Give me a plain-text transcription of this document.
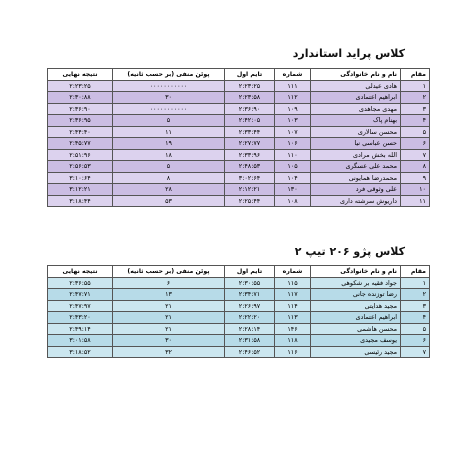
کلاس پراید استاندارد
مقام	نام و نام خانوادگی	شماره	تایم اول	پوئن منفی (بر حسب ثانیه)	نتیجه نهایی
۱	هادی عیدلی	۱۱۱	۲:۲۳:۲۵	۰۰۰۰۰۰۰۰۰۰۰	۲:۲۳:۲۵
۲	ابراهیم اعتمادی	۱۱۲	۲:۲۳:۵۸	۳۰	۲:۳۰:۸۸
۳	مهدی مجاهدی	۱۰۹	۲:۳۶:۹۰	۰۰۰۰۰۰۰۰۰۰۰	۲:۳۶:۹۰
۴	بهنام پاک	۱۰۳	۲:۴۲:۰۵	۵	۲:۳۶:۹۵
۵	محسن سالاری	۱۰۷	۲:۳۳:۴۴	۱۱	۲:۴۴:۴۰
۶	حسن عباسی نیا	۱۰۶	۲:۲۷:۷۷	۱۹	۲:۴۵:۷۷
۷	الله بخش مرادی	۱۱۰	۲:۳۳:۹۶	۱۸	۲:۵۱:۹۶
۸	محمد علی عسگری	۱۰۵	۲:۴۸:۵۳	۵	۲:۵۶:۵۳
۹	محمدرضا همایونی	۱۰۴	۳:۰۲:۶۴	۸	۳:۱۰:۶۴
۱۰	علی وثوقی فرد	۱۳۰	۲:۱۲:۲۱	۲۸	۳:۱۲:۲۱
۱۱	داریوش سرشته داری	۱۰۸	۲:۲۵:۴۴	۵۳	۳:۱۸:۴۴
کلاس پژو ۲۰۶ تیپ ۲
مقام	نام و نام خانوادگی	شماره	تایم اول	پوئن منفی (بر حسب ثانیه)	نتیجه نهایی
۱	جواد فقیه بر شکوهی	۱۱۵	۲:۳۰:۵۵	۶	۲:۳۶:۵۵
۲	رضا توزنده جانی	۱۱۷	۲:۳۴:۷۱	۱۳	۲:۴۷:۷۱
۳	مجید هدایتی	۱۱۴	۲:۲۶:۹۷	۲۱	۲:۴۷:۹۷
۴	ابراهیم اعتمادی	۱۱۳	۲:۲۲:۲۰	۲۱	۲:۴۳:۲۰
۵	محسن هاشمی	۱۴۶	۲:۲۸:۱۴	۲۱	۲:۴۹:۱۴
۶	یوسف مجیدی	۱۱۸	۲:۳۱:۵۸	۳۰	۳:۰۱:۵۸
۷	مجید رئیسی	۱۱۶	۲:۴۶:۵۲	۳۲	۳:۱۸:۵۲
